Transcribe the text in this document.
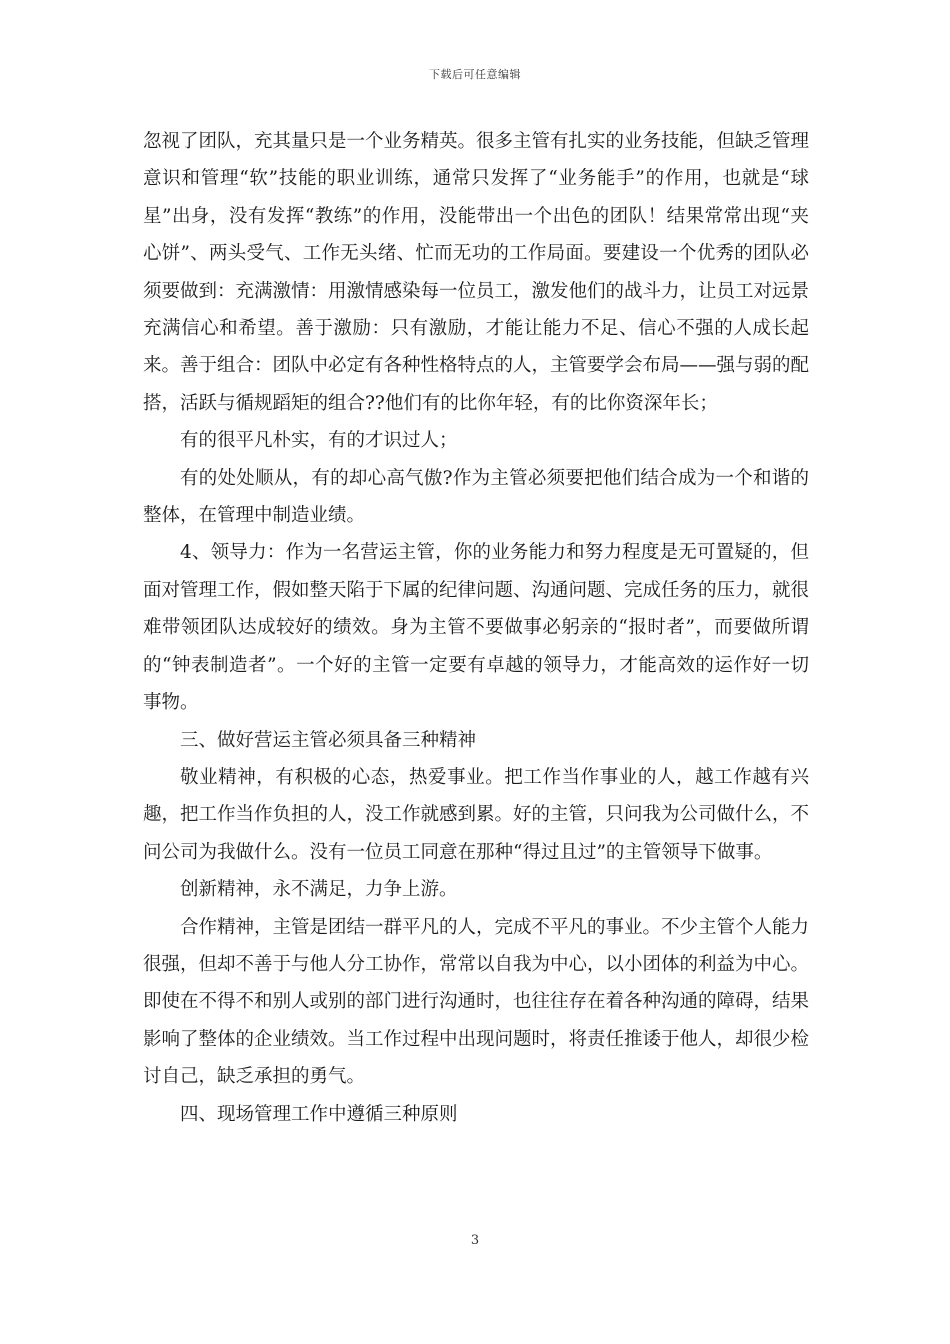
下载后可任意编辑

忽视了团队，充其量只是一个业务精英。很多主管有扎实的业务技能，但缺乏管理意识和管理“软”技能的职业训练，通常只发挥了“业务能手”的作用，也就是“球星”出身，没有发挥“教练”的作用，没能带出一个出色的团队！结果常常出现“夹心饼”、两头受气、工作无头绪、忙而无功的工作局面。要建设一个优秀的团队必须要做到：充满激情：用激情感染每一位员工，激发他们的战斗力，让员工对远景充满信心和希望。善于激励：只有激励，才能让能力不足、信心不强的人成长起来。善于组合：团队中必定有各种性格特点的人，主管要学会布局——强与弱的配搭，活跃与循规蹈矩的组合??他们有的比你年轻，有的比你资深年长；

有的很平凡朴实，有的才识过人；

有的处处顺从，有的却心高气傲?作为主管必须要把他们结合成为一个和谐的整体，在管理中制造业绩。

4、领导力：作为一名营运主管，你的业务能力和努力程度是无可置疑的，但面对管理工作，假如整天陷于下属的纪律问题、沟通问题、完成任务的压力，就很难带领团队达成较好的绩效。身为主管不要做事必躬亲的“报时者”，而要做所谓的“钟表制造者”。一个好的主管一定要有卓越的领导力，才能高效的运作好一切事物。

三、做好营运主管必须具备三种精神

敬业精神，有积极的心态，热爱事业。把工作当作事业的人，越工作越有兴趣，把工作当作负担的人，没工作就感到累。好的主管，只问我为公司做什么，不问公司为我做什么。没有一位员工同意在那种“得过且过”的主管领导下做事。

创新精神，永不满足，力争上游。

合作精神，主管是团结一群平凡的人，完成不平凡的事业。不少主管个人能力很强，但却不善于与他人分工协作，常常以自我为中心，以小团体的利益为中心。即使在不得不和别人或别的部门进行沟通时，也往往存在着各种沟通的障碍，结果影响了整体的企业绩效。当工作过程中出现问题时，将责任推诿于他人，却很少检讨自己，缺乏承担的勇气。

四、现场管理工作中遵循三种原则

3
